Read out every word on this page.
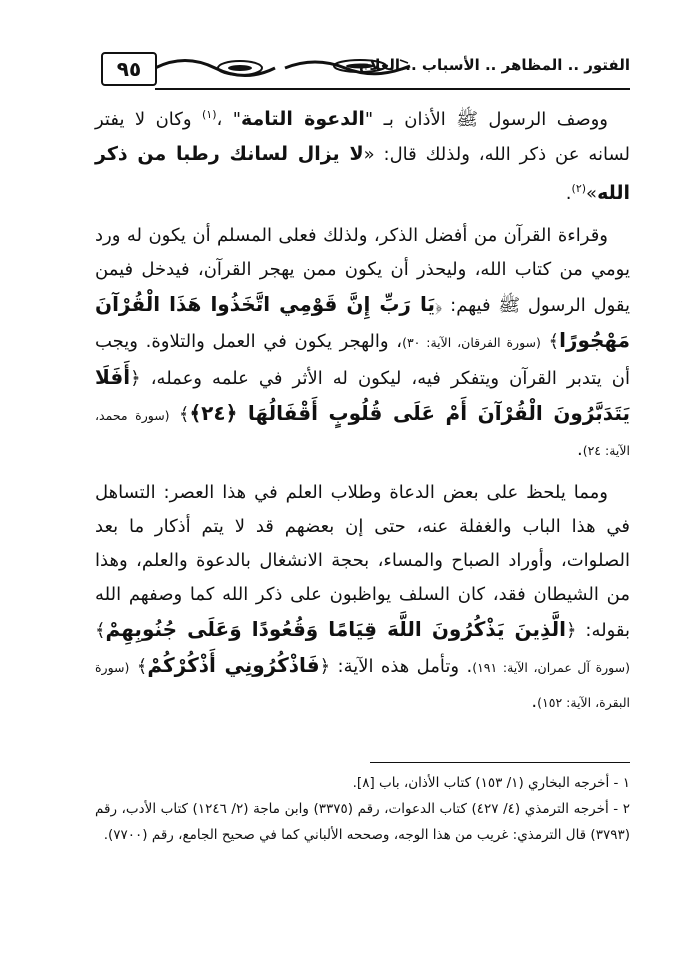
٩٥	الفتور .. المظاهر .. الأسباب .. العلاج

ووصف الرسول ﷺ الأذان بـ "الدعوة التامة" ،$^{(١)}$ وكان لا يفتر لسانه عن ذكر الله، ولذلك قال: «لا يزال لسانك رطبا من ذكر الله»$^{(٢)}$.

وقراءة القرآن من أفضل الذكر، ولذلك فعلى المسلم أن يكون له ورد يومي من كتاب الله، وليحذر أن يكون ممن يهجر القرآن، فيدخل فيمن يقول الرسول ﷺ فيهم: ﴿يَا رَبِّ إِنَّ قَوْمِي اتَّخَذُوا هَذَا الْقُرْآنَ مَهْجُورًا﴾ (سورة الفرقان، الآية: ٣٠)، والهجر يكون في العمل والتلاوة. ويجب أن يتدبر القرآن ويتفكر فيه، ليكون له الأثر في علمه وعمله، ﴿أَفَلَا يَتَدَبَّرُونَ الْقُرْآنَ أَمْ عَلَى قُلُوبٍ أَقْفَالُهَا ﴿٢٤﴾﴾ (سورة محمد، الآية: ٢٤).

ومما يلحظ على بعض الدعاة وطلاب العلم في هذا العصر: التساهل في هذا الباب والغفلة عنه، حتى إن بعضهم قد لا يتم أذكار ما بعد الصلوات، وأوراد الصباح والمساء، بحجة الانشغال بالدعوة والعلم، وهذا من الشيطان فقد، كان السلف يواظبون على ذكر الله كما وصفهم الله بقوله: ﴿الَّذِينَ يَذْكُرُونَ اللَّهَ قِيَامًا وَقُعُودًا وَعَلَى جُنُوبِهِمْ﴾ (سورة آل عمران، الآية: ١٩١). وتأمل هذه الآية: ﴿فَاذْكُرُونِي أَذْكُرْكُمْ﴾ (سورة البقرة، الآية: ١٥٢).

١ - أخرجه البخاري (١/ ١٥٣) كتاب الأذان، باب [٨].

٢ - أخرجه الترمذي (٤/ ٤٢٧) كتاب الدعوات، رقم (٣٣٧٥) وابن ماجة (٢/ ١٢٤٦) كتاب الأدب، رقم (٣٧٩٣) قال الترمذي: غريب من هذا الوجه، وصححه الألباني كما في صحيح الجامع، رقم (٧٧٠٠).
